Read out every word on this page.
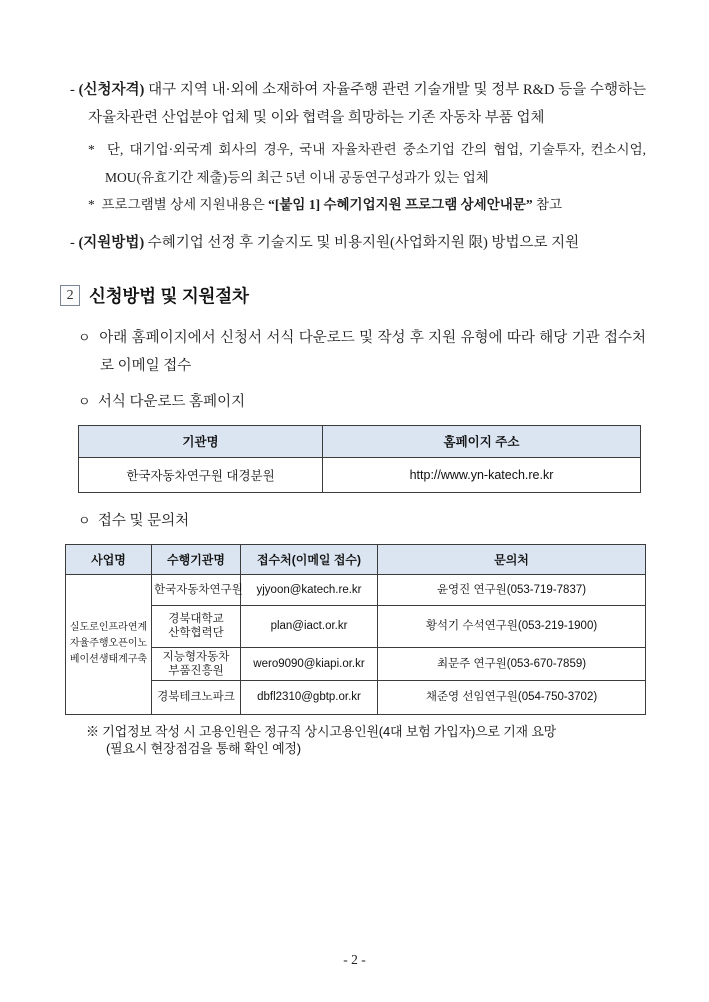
- (신청자격) 대구 지역 내·외에 소재하여 자율주행 관련 기술개발 및 정부 R&D 등을 수행하는 자율차관련 산업분야 업체 및 이와 협력을 희망하는 기존 자동차 부품 업체

* 단, 대기업·외국계 회사의 경우, 국내 자율차관련 중소기업 간의 협업, 기술투자, 컨소시엄, MOU(유효기간 제출)등의 최근 5년 이내 공동연구성과가 있는 업체

* 프로그램별 상세 지원내용은 “[붙임 1] 수혜기업지원 프로그램 상세안내문” 참고

- (지원방법) 수혜기업 선정 후 기술지도 및 비용지원(사업화지원 限) 방법으로 지원

2 신청방법 및 지원절차

ㅇ 아래 홈페이지에서 신청서 서식 다운로드 및 작성 후 지원 유형에 따라 해당 기관 접수처로 이메일 접수

ㅇ 서식 다운로드 홈페이지

기관명	홈페이지 주소
한국자동차연구원 대경분원	http://www.yn-katech.re.kr

ㅇ 접수 및 문의처

사업명	수행기관명	접수처(이메일 접수)	문의처
실도로인프라연계 자율주행오픈이노베이션생태계구축	한국자동차연구원	yjyoon@katech.re.kr	윤영진 연구원(053-719-7837)
	경북대학교 산학협력단	plan@iact.or.kr	황석기 수석연구원(053-219-1900)
	지능형자동차 부품진흥원	wero9090@kiapi.or.kr	최문주 연구원(053-670-7859)
	경북테크노파크	dbfl2310@gbtp.or.kr	채준영 선임연구원(054-750-3702)

※ 기업정보 작성 시 고용인원은 정규직 상시고용인원(4대 보험 가입자)으로 기재 요망
(필요시 현장점검을 통해 확인 예정)

- 2 -
